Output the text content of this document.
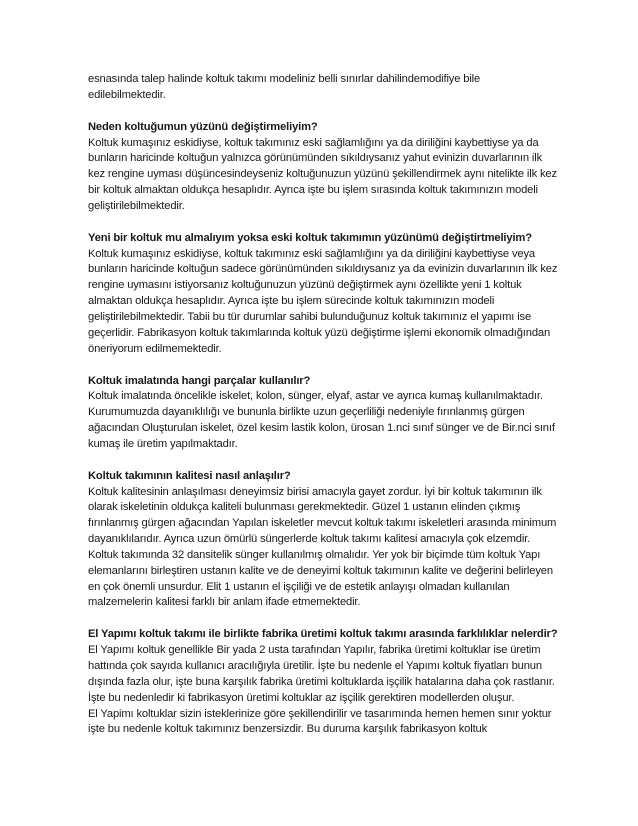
esnasında talep halinde koltuk takımı modeliniz belli sınırlar dahilindemodifiye bile edilebilmektedir.

Neden koltuğumun yüzünü değiştirmeliyim?

Koltuk kumaşınız eskidiyse, koltuk takımınız eski sağlamlığını ya da diriliğini kaybettiyse ya da bunların haricinde koltuğun yalnızca görünümünden sıkıldıysanız yahut evinizin duvarlarının ilk kez rengine uyması düşüncesindeyseniz koltuğunuzun yüzünü şekillendirmek aynı nitelikte ilk kez bir koltuk almaktan oldukça hesaplıdır. Ayrıca işte bu işlem sırasında koltuk takımınızın modeli geliştirilebilmektedir.

Yeni bir koltuk mu almalıyım yoksa eski koltuk takımımın yüzünümü değiştirtmeliyim?

Koltuk kumaşınız eskidiyse, koltuk takımınız eski sağlamlığını ya da diriliğini kaybettiyse veya bunların haricinde koltuğun sadece görünümünden sıkıldıysanız ya da evinizin duvarlarının ilk kez rengine uymasını istiyorsanız koltuğunuzun yüzünü değiştirmek aynı özellikte yeni 1 koltuk almaktan oldukça hesaplıdır. Ayrıca işte bu işlem sürecinde koltuk takımınızın modeli geliştirilebilmektedir. Tabii bu tür durumlar sahibi bulunduğunuz koltuk takımınız el yapımı ise geçerlidir. Fabrikasyon koltuk takımlarında koltuk yüzü değiştirme işlemi ekonomik olmadığından öneriyorum edilmemektedir.

Koltuk imalatında hangi parçalar kullanılır?

Koltuk imalatında öncelikle iskelet, kolon, sünger, elyaf, astar ve ayrıca kumaş kullanılmaktadır. Kurumumuzda dayanıklılığı ve bununla birlikte uzun geçerliliği nedeniyle fırınlanmış gürgen ağacından Oluşturulan iskelet, özel kesim lastik kolon, ürosan 1.nci sınıf sünger ve de Bir.nci sınıf kumaş ile üretim yapılmaktadır.

Koltuk takımının kalitesi nasıl anlaşılır?

Koltuk kalitesinin anlaşılması deneyimsiz birisi amacıyla gayet zordur. İyi bir koltuk takımının ilk olarak iskeletinin oldukça kaliteli bulunması gerekmektedir. Güzel 1 ustanın elinden çıkmış fırınlanmış gürgen ağacından Yapılan iskeletler mevcut koltuk takımı iskeletleri arasında minimum dayanıklılarıdır. Ayrıca uzun ömürlü süngerlerde koltuk takımı kalitesi amacıyla çok elzemdir. Koltuk takımında 32 dansitelik sünger kullanılmış olmalıdır. Yer yok bir biçimde tüm koltuk Yapı elemanlarını birleştiren ustanın kalite ve de deneyimi koltuk takımının kalite ve değerini belirleyen en çok önemli unsurdur. Elit 1 ustanın el işçiliği ve de estetik anlayışı olmadan kullanılan malzemelerin kalitesi farklı bir anlam ifade etmemektedir.

El Yapımı koltuk takımı ile birlikte fabrika üretimi koltuk takımı arasında farklılıklar nelerdir?

El Yapımı koltuk genellikle Bir yada 2 usta tarafından Yapılır, fabrika üretimi koltuklar ise üretim hattında çok sayıda kullanıcı aracılığıyla üretilir. İşte bu nedenle el Yapımı koltuk fiyatları bunun dışında fazla olur, işte buna karşılık fabrika üretimi koltuklarda işçilik hatalarına daha çok rastlanır. İşte bu nedenledir ki fabrikasyon üretimi koltuklar az işçilik gerektiren modellerden oluşur.

El Yapimı koltuklar sizin isteklerinize göre şekillendirilir ve tasarımında hemen hemen sınır yoktur işte bu nedenle koltuk takımınız benzersizdir. Bu duruma karşılık fabrikasyon koltuk
